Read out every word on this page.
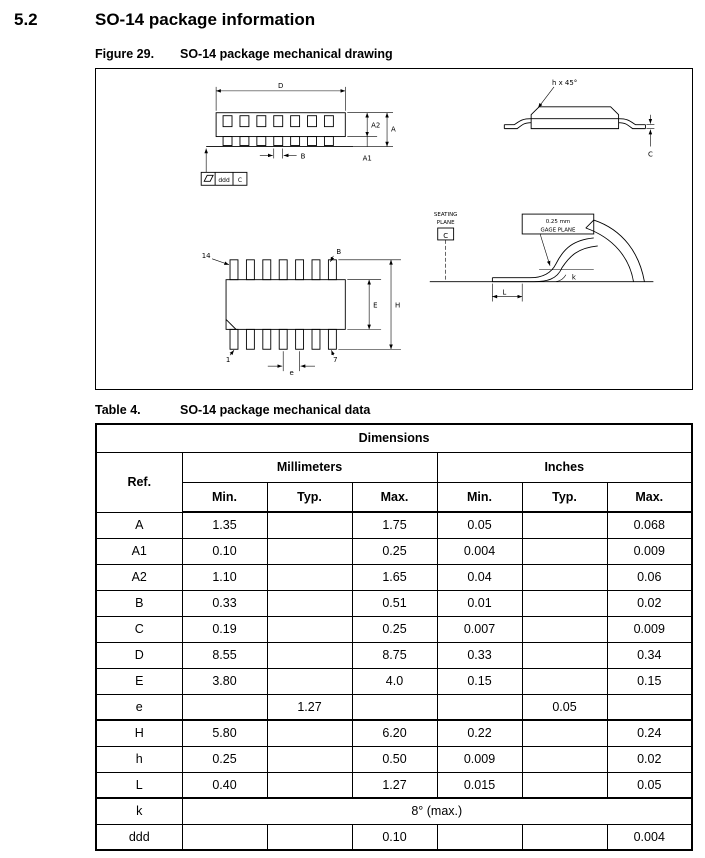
5.2	SO-14 package information
Figure 29.	SO-14 package mechanical drawing
D
A2 A
A1
B
ddd C
h x 45°
C
14	B
E H
1	7
e
SEATING
PLANE
C
0.25 mm
GAGE PLANE
L
k
Table 4.	SO-14 package mechanical data
Dimensions						
Ref.	Millimeters			Inches		
	Min.	Typ.	Max.	Min.	Typ.	Max.
A	1.35		1.75	0.05		0.068
A1	0.10		0.25	0.004		0.009
A2	1.10		1.65	0.04		0.06
B	0.33		0.51	0.01		0.02
C	0.19		0.25	0.007		0.009
D	8.55		8.75	0.33		0.34
E	3.80		4.0	0.15		0.15
e		1.27			0.05	
H	5.80		6.20	0.22		0.24
h	0.25		0.50	0.009		0.02
L	0.40		1.27	0.015		0.05
k	8° (max.)					
ddd			0.10			0.004
